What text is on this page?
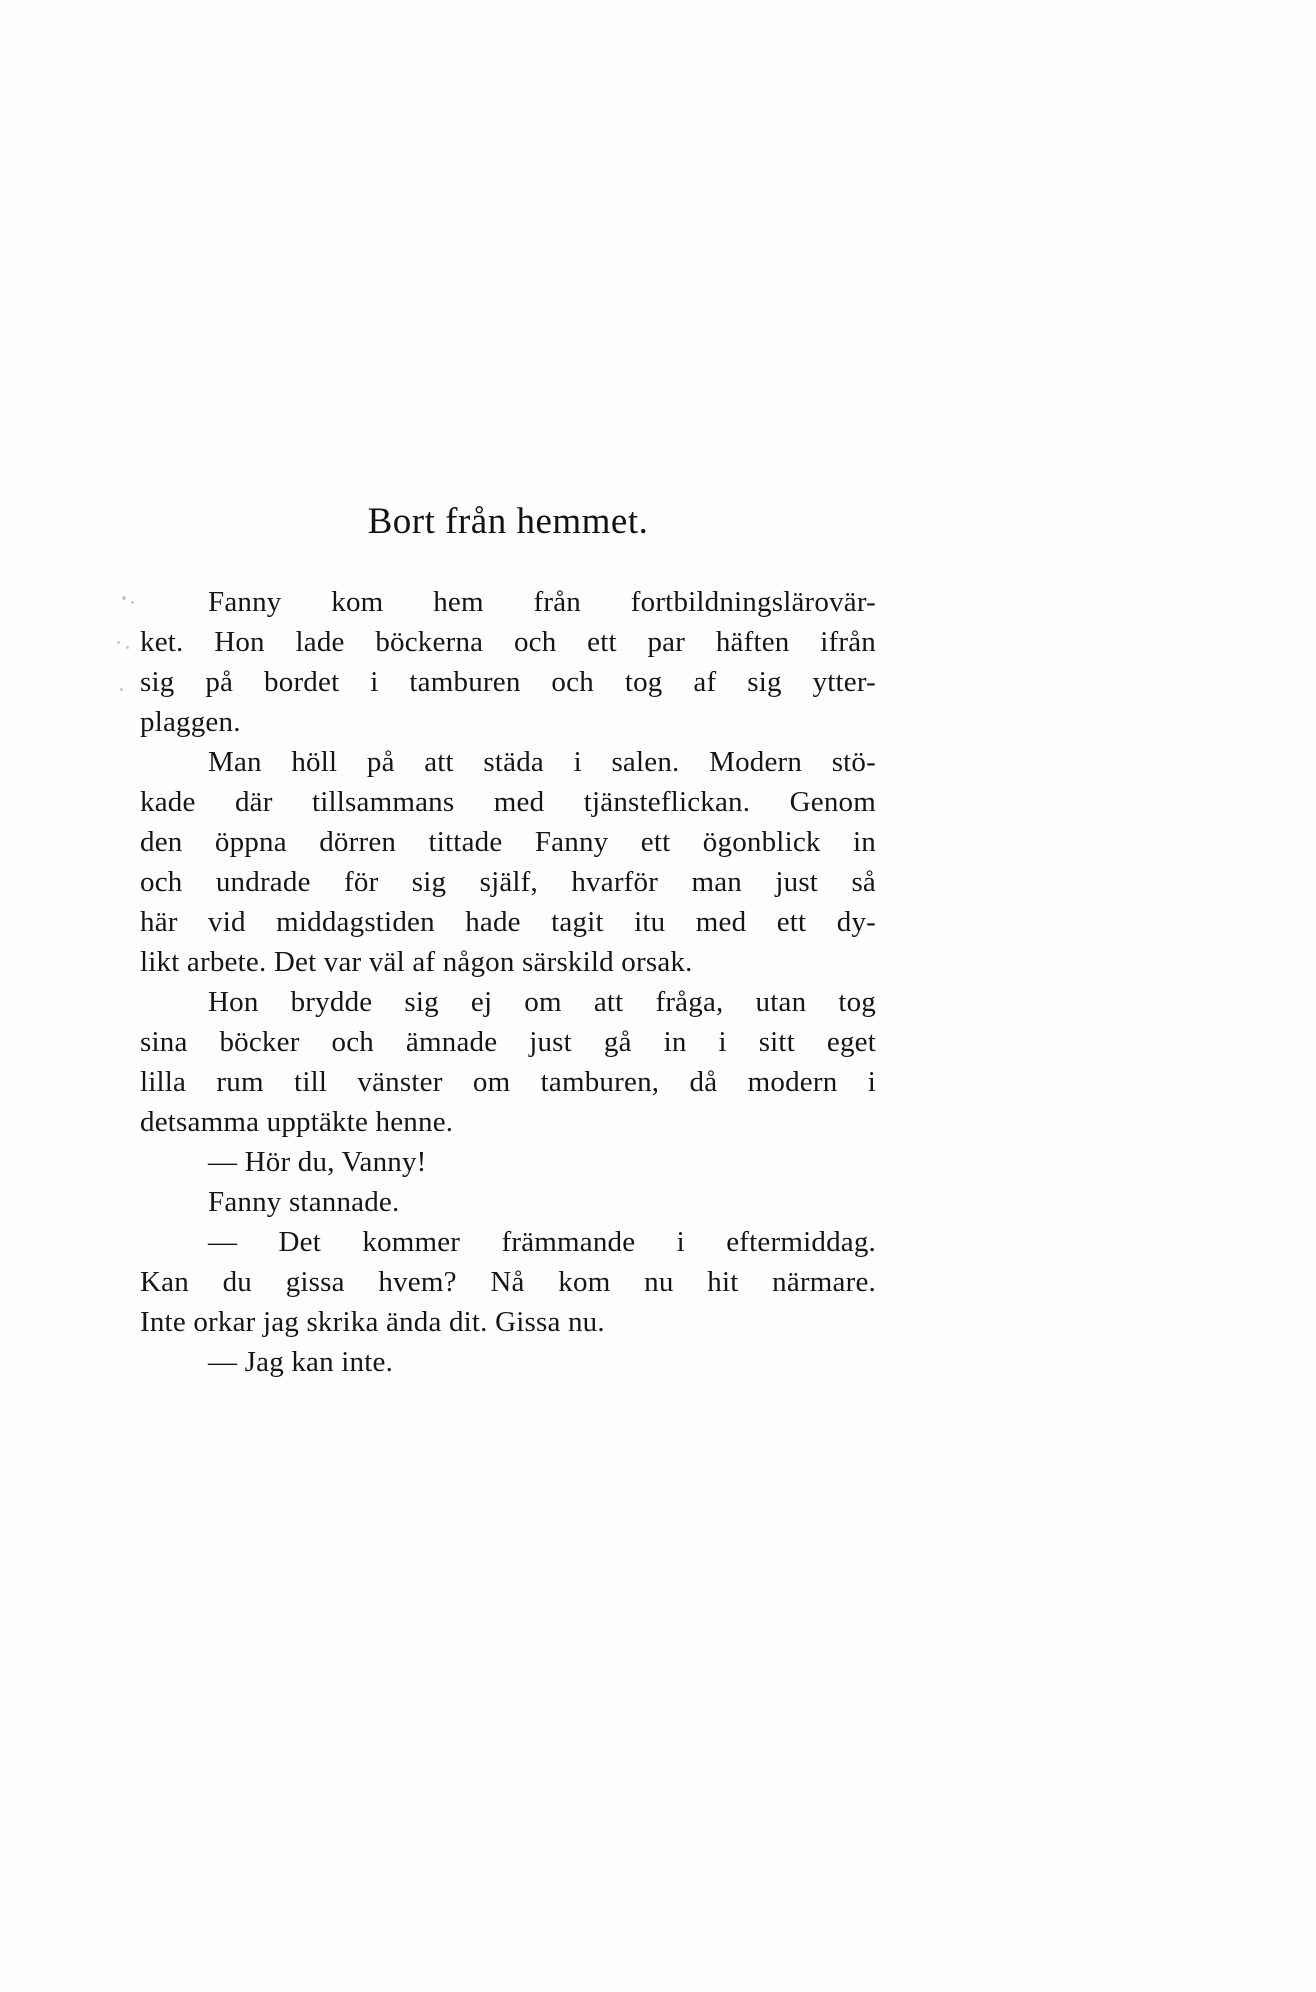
Bort från hemmet.

Fanny kom hem från fortbildningslärovär-
ket. Hon lade böckerna och ett par häften ifrån
sig på bordet i tamburen och tog af sig ytter-
plaggen.

Man höll på att städa i salen. Modern stö-
kade där tillsammans med tjänsteflickan. Genom
den öppna dörren tittade Fanny ett ögonblick in
och undrade för sig själf, hvarför man just så
här vid middagstiden hade tagit itu med ett dy-
likt arbete. Det var väl af någon särskild orsak.

Hon brydde sig ej om att fråga, utan tog
sina böcker och ämnade just gå in i sitt eget
lilla rum till vänster om tamburen, då modern i
detsamma upptäkte henne.

— Hör du, Vanny!

Fanny stannade.

— Det kommer främmande i eftermiddag.
Kan du gissa hvem? Nå kom nu hit närmare.
Inte orkar jag skrika ända dit. Gissa nu.

— Jag kan inte.
